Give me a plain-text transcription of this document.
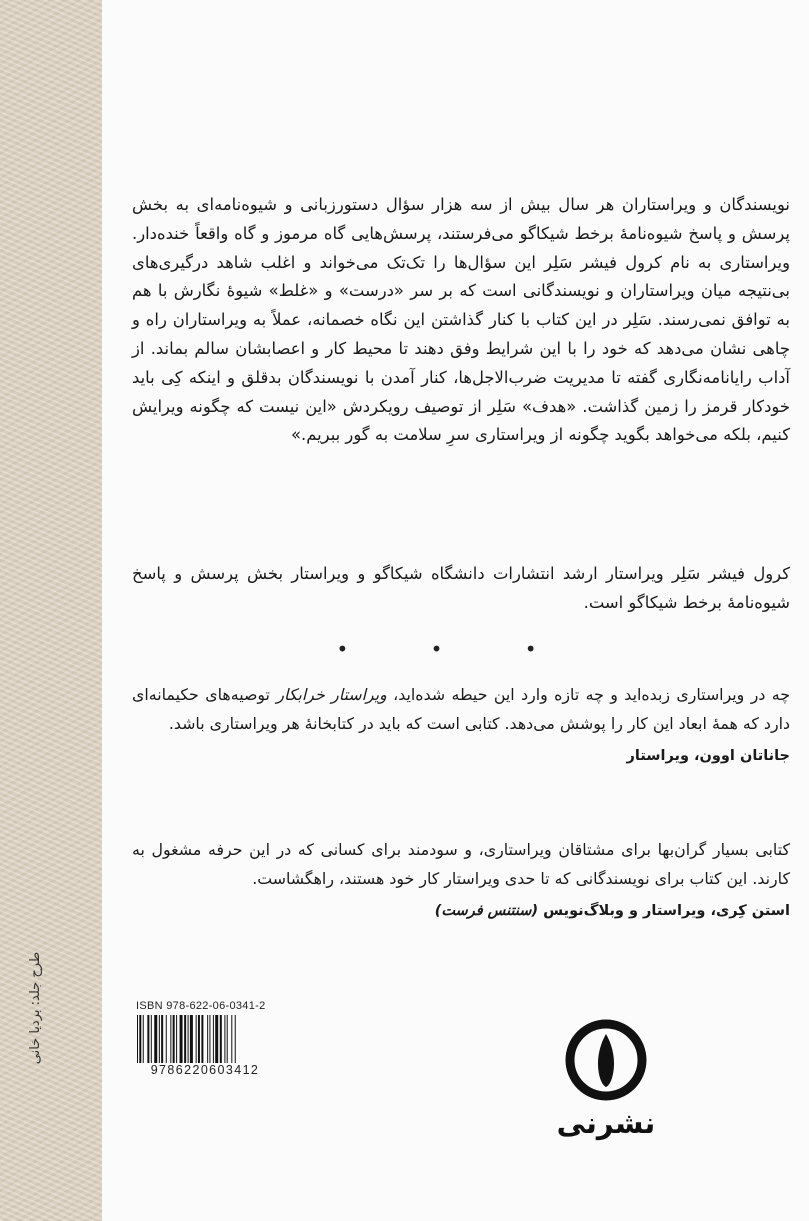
طرح جلد: بردیا خانی

نویسندگان و ویراستاران هر سال بیش از سه هزار سؤال دستورزبانی و شیوه‌نامه‌ای به بخش پرسش و پاسخ شیوه‌نامهٔ برخط شیکاگو می‌فرستند، پرسش‌هایی گاه مرموز و گاه واقعاً خنده‌دار. ویراستاری به نام کرول فیشر سَلِر این سؤال‌ها را تک‌تک می‌خواند و اغلب شاهد درگیری‌های بی‌نتیجه میان ویراستاران و نویسندگانی است که بر سر «درست» و «غلط» شیوهٔ نگارش با هم به توافق نمی‌رسند. سَلِر در این کتاب با کنار گذاشتن این نگاه خصمانه، عملاً به ویراستاران راه و چاهی نشان می‌دهد که خود را با این شرایط وفق دهند تا محیط کار و اعصابشان سالم بماند. از آداب رایانامه‌نگاری گفته تا مدیریت ضرب‌الاجل‌ها، کنار آمدن با نویسندگان بدقلق و اینکه کِی باید خودکار قرمز را زمین گذاشت. «هدف» سَلِر از توصیف رویکردش «این نیست که چگونه ویرایش کنیم، بلکه می‌خواهد بگوید چگونه از ویراستاری سرِ سلامت به گور ببریم.»

کرول فیشر سَلِر ویراستار ارشد انتشارات دانشگاه شیکاگو و ویراستار بخش پرسش و پاسخ شیوه‌نامهٔ برخط شیکاگو است.

• • •

چه در ویراستاری زبده‌اید و چه تازه وارد این حیطه شده‌اید، ویراستار خرابکار توصیه‌های حکیمانه‌ای دارد که همهٔ ابعاد این کار را پوشش می‌دهد. کتابی است که باید در کتابخانهٔ هر ویراستاری باشد.

جاناتان اوون، ویراستار

کتابی بسیار گران‌بها برای مشتاقان ویراستاری، و سودمند برای کسانی که در این حرفه مشغول به کارند. این کتاب برای نویسندگانی که تا حدی ویراستار کار خود هستند، راهگشاست.

استن کِری، ویراستار و وبلاگ‌نویس (سنتنس فرست)
ISBN 978-622-06-0341-2
9786220603412
نشرنی
